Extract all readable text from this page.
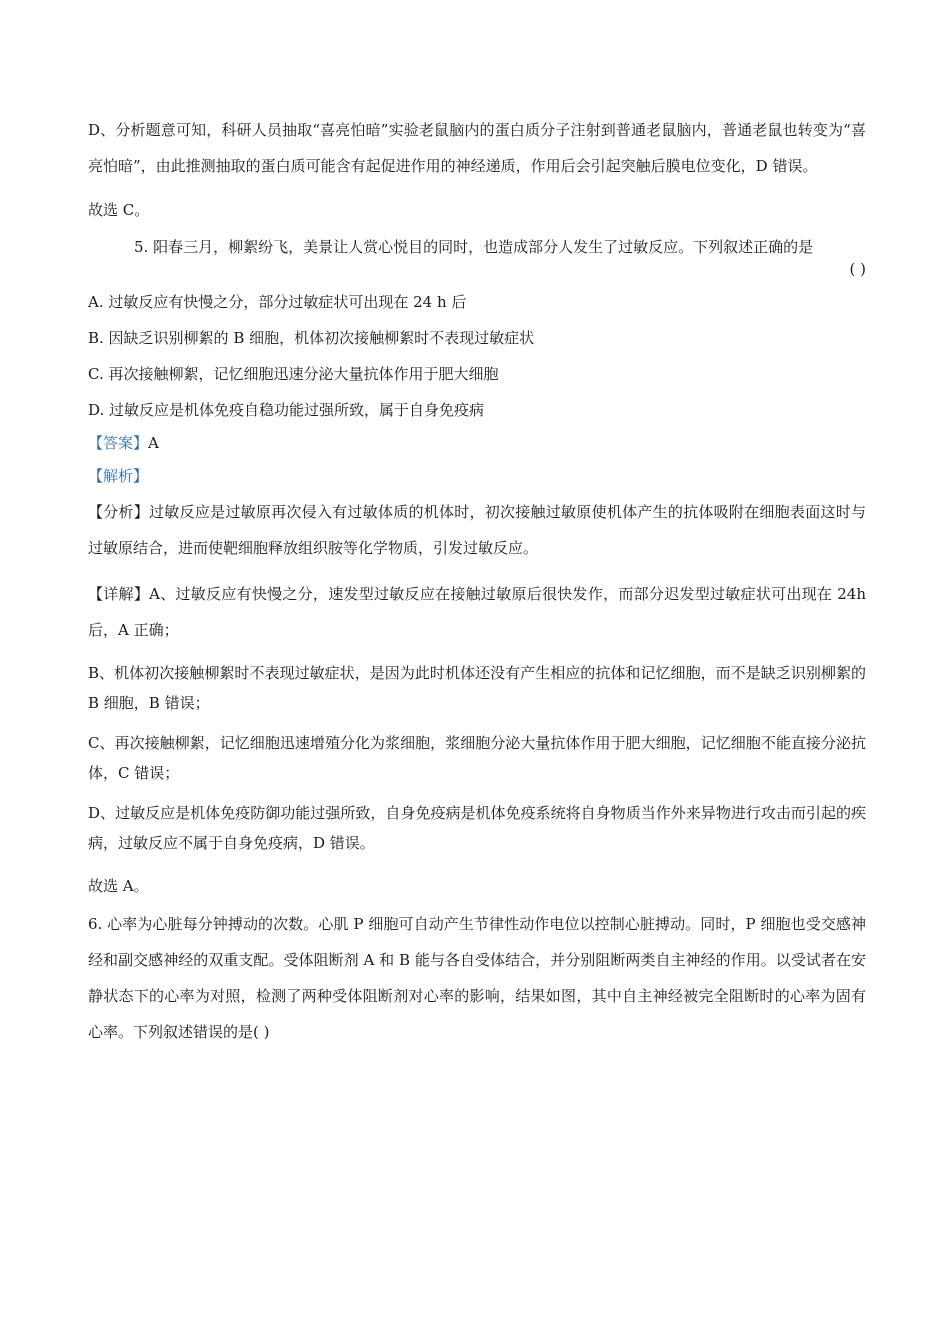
D、分析题意可知，科研人员抽取“喜亮怕暗”实验老鼠脑内的蛋白质分子注射到普通老鼠脑内，普通老鼠也转变为“喜亮怕暗”，由此推测抽取的蛋白质可能含有起促进作用的神经递质，作用后会引起突触后膜电位变化，D 错误。

故选 C。

5. 阳春三月，柳絮纷飞，美景让人赏心悦目的同时，也造成部分人发生了过敏反应。下列叙述正确的是
( )

A. 过敏反应有快慢之分，部分过敏症状可出现在 24 h 后

B. 因缺乏识别柳絮的 B 细胞，机体初次接触柳絮时不表现过敏症状

C. 再次接触柳絮，记忆细胞迅速分泌大量抗体作用于肥大细胞

D. 过敏反应是机体免疫自稳功能过强所致，属于自身免疫病

【答案】A

【解析】

【分析】过敏反应是过敏原再次侵入有过敏体质的机体时，初次接触过敏原使机体产生的抗体吸附在细胞表面这时与过敏原结合，进而使靶细胞释放组织胺等化学物质，引发过敏反应。

【详解】A、过敏反应有快慢之分，速发型过敏反应在接触过敏原后很快发作，而部分迟发型过敏症状可出现在 24h 后，A 正确；

B、机体初次接触柳絮时不表现过敏症状，是因为此时机体还没有产生相应的抗体和记忆细胞，而不是缺乏识别柳絮的 B 细胞，B 错误；

C、再次接触柳絮，记忆细胞迅速增殖分化为浆细胞，浆细胞分泌大量抗体作用于肥大细胞，记忆细胞不能直接分泌抗体，C 错误；

D、过敏反应是机体免疫防御功能过强所致，自身免疫病是机体免疫系统将自身物质当作外来异物进行攻击而引起的疾病，过敏反应不属于自身免疫病，D 错误。

故选 A。

6. 心率为心脏每分钟搏动的次数。心肌 P 细胞可自动产生节律性动作电位以控制心脏搏动。同时，P 细胞也受交感神经和副交感神经的双重支配。受体阻断剂 A 和 B 能与各自受体结合，并分别阻断两类自主神经的作用。以受试者在安静状态下的心率为对照，检测了两种受体阻断剂对心率的影响，结果如图，其中自主神经被完全阻断时的心率为固有心率。下列叙述错误的是( )
